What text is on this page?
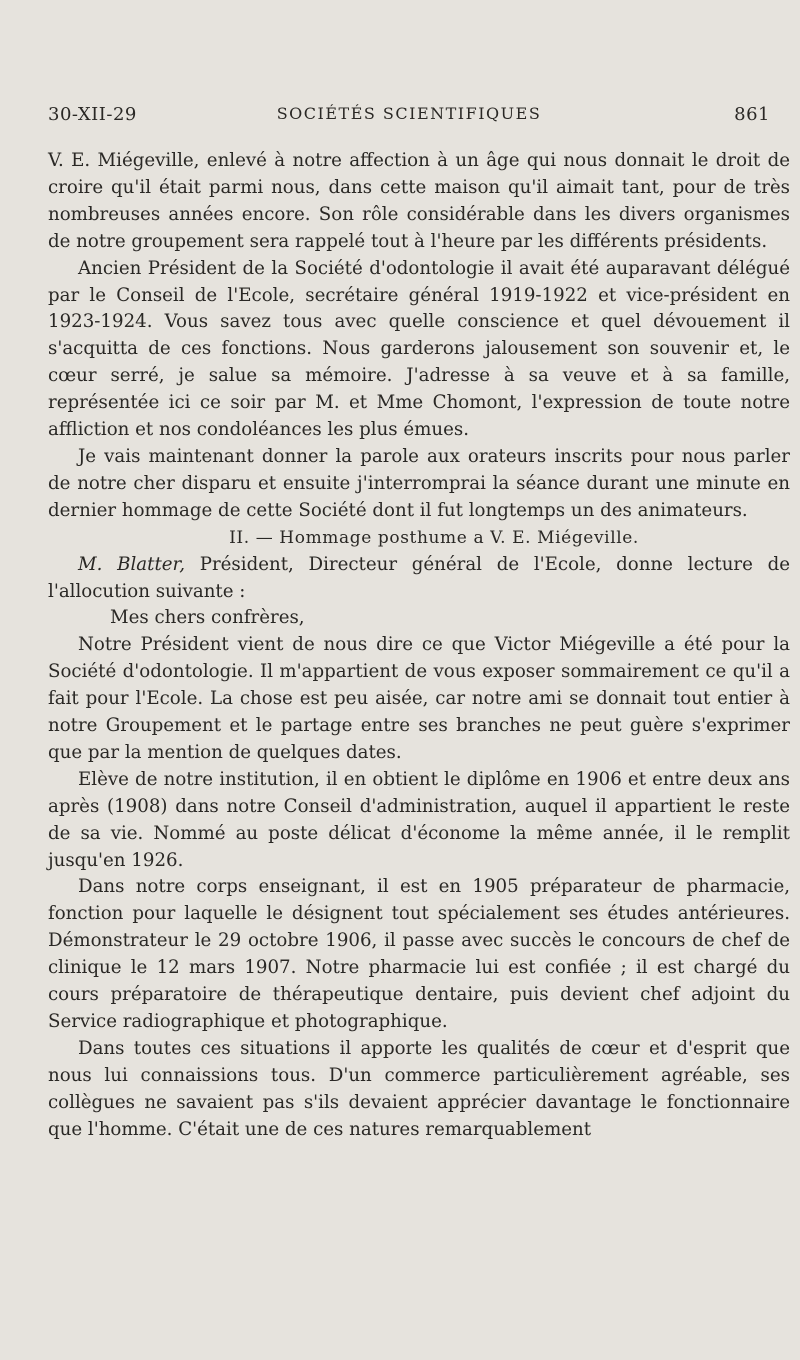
30-XII-29	SOCIÉTÉS SCIENTIFIQUES	861

V. E. Miégeville, enlevé à notre affection à un âge qui nous donnait le droit de croire qu'il était parmi nous, dans cette maison qu'il aimait tant, pour de très nombreuses années encore. Son rôle considérable dans les divers organismes de notre groupement sera rappelé tout à l'heure par les différents présidents.

Ancien Président de la Société d'odontologie il avait été auparavant délégué par le Conseil de l'Ecole, secrétaire général 1919-1922 et vice-président en 1923-1924. Vous savez tous avec quelle conscience et quel dévouement il s'acquitta de ces fonctions. Nous garderons jalousement son souvenir et, le cœur serré, je salue sa mémoire. J'adresse à sa veuve et à sa famille, représentée ici ce soir par M. et Mme Chomont, l'expression de toute notre affliction et nos condoléances les plus émues.

Je vais maintenant donner la parole aux orateurs inscrits pour nous parler de notre cher disparu et ensuite j'interromprai la séance durant une minute en dernier hommage de cette Société dont il fut longtemps un des animateurs.

II. — Hommage posthume a V. E. Miégeville.

M. Blatter, Président, Directeur général de l'Ecole, donne lecture de l'allocution suivante :

Mes chers confrères,

Notre Président vient de nous dire ce que Victor Miégeville a été pour la Société d'odontologie. Il m'appartient de vous exposer sommairement ce qu'il a fait pour l'Ecole. La chose est peu aisée, car notre ami se donnait tout entier à notre Groupement et le partage entre ses branches ne peut guère s'exprimer que par la mention de quelques dates.

Elève de notre institution, il en obtient le diplôme en 1906 et entre deux ans après (1908) dans notre Conseil d'administration, auquel il appartient le reste de sa vie. Nommé au poste délicat d'économe la même année, il le remplit jusqu'en 1926.

Dans notre corps enseignant, il est en 1905 préparateur de pharmacie, fonction pour laquelle le désignent tout spécialement ses études antérieures. Démonstrateur le 29 octobre 1906, il passe avec succès le concours de chef de clinique le 12 mars 1907. Notre pharmacie lui est confiée ; il est chargé du cours préparatoire de thérapeutique dentaire, puis devient chef adjoint du Service radiographique et photographique.

Dans toutes ces situations il apporte les qualités de cœur et d'esprit que nous lui connaissions tous. D'un commerce particulièrement agréable, ses collègues ne savaient pas s'ils devaient apprécier davantage le fonctionnaire que l'homme. C'était une de ces natures remarquablement
